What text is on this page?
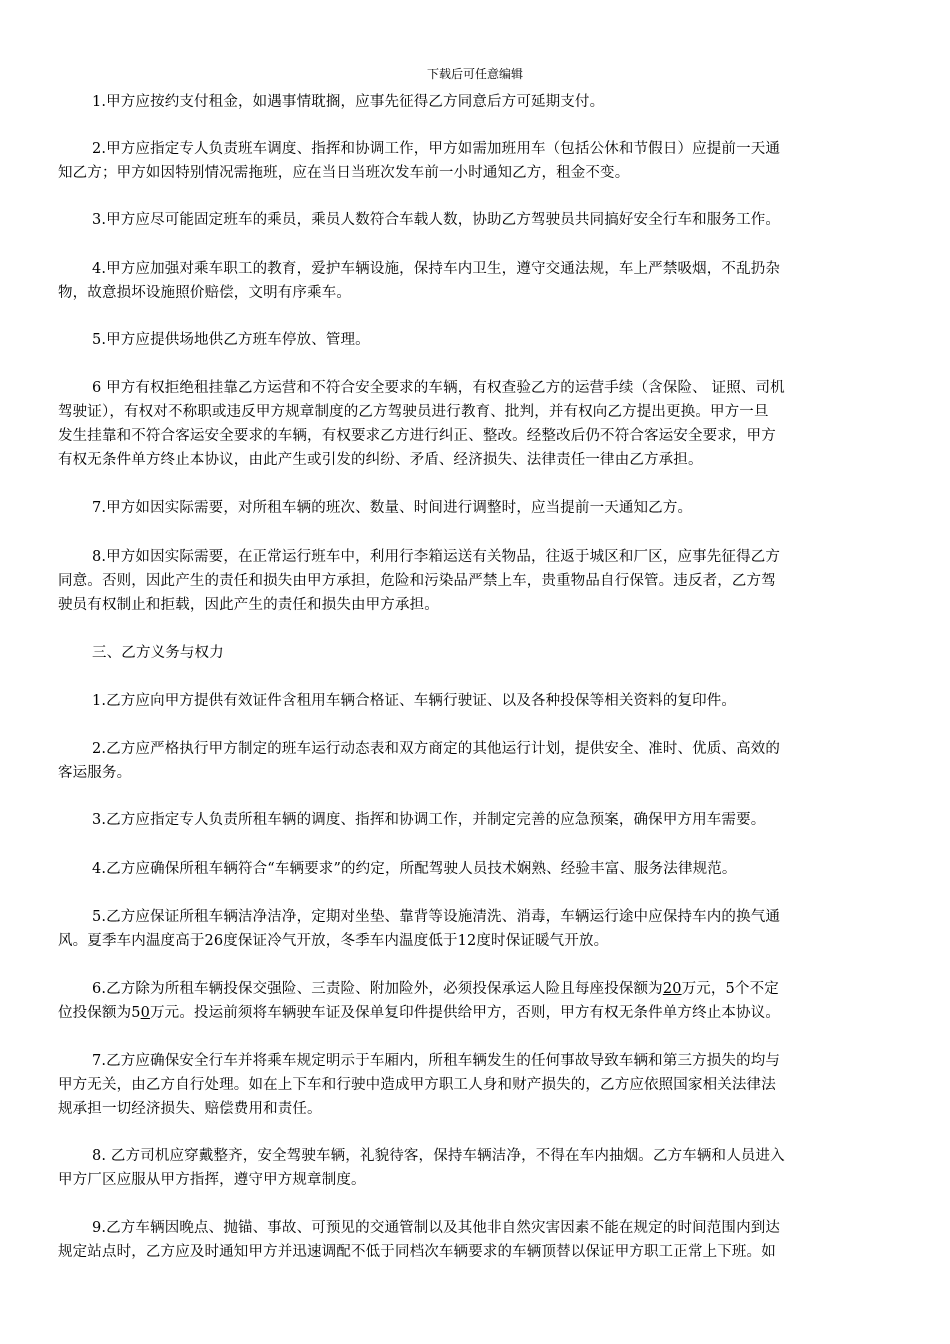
下载后可任意编辑
1.甲方应按约支付租金，如遇事情耽搁，应事先征得乙方同意后方可延期支付。
2.甲方应指定专人负责班车调度、指挥和协调工作，甲方如需加班用车（包括公休和节假日）应提前一天通
知乙方；甲方如因特别情况需拖班，应在当日当班次发车前一小时通知乙方，租金不变。
3.甲方应尽可能固定班车的乘员，乘员人数符合车载人数，协助乙方驾驶员共同搞好安全行车和服务工作。
4.甲方应加强对乘车职工的教育，爱护车辆设施，保持车内卫生，遵守交通法规，车上严禁吸烟，不乱扔杂
物，故意损坏设施照价赔偿，文明有序乘车。
5.甲方应提供场地供乙方班车停放、管理。
6 甲方有权拒绝租挂靠乙方运营和不符合安全要求的车辆，有权查验乙方的运营手续（含保险、 证照、司机
驾驶证），有权对不称职或违反甲方规章制度的乙方驾驶员进行教育、批判，并有权向乙方提出更换。甲方一旦
发生挂靠和不符合客运安全要求的车辆，有权要求乙方进行纠正、整改。经整改后仍不符合客运安全要求，甲方
有权无条件单方终止本协议，由此产生或引发的纠纷、矛盾、经济损失、法律责任一律由乙方承担。
7.甲方如因实际需要，对所租车辆的班次、数量、时间进行调整时，应当提前一天通知乙方。
8.甲方如因实际需要，在正常运行班车中，利用行李箱运送有关物品，往返于城区和厂区，应事先征得乙方
同意。否则，因此产生的责任和损失由甲方承担，危险和污染品严禁上车，贵重物品自行保管。违反者，乙方驾
驶员有权制止和拒载，因此产生的责任和损失由甲方承担。
三、乙方义务与权力
1.乙方应向甲方提供有效证件含租用车辆合格证、车辆行驶证、以及各种投保等相关资料的复印件。
2.乙方应严格执行甲方制定的班车运行动态表和双方商定的其他运行计划，提供安全、准时、优质、高效的
客运服务。
3.乙方应指定专人负责所租车辆的调度、指挥和协调工作，并制定完善的应急预案，确保甲方用车需要。
4.乙方应确保所租车辆符合“车辆要求”的约定，所配驾驶人员技术娴熟、经验丰富、服务法律规范。
5.乙方应保证所租车辆洁净洁净，定期对坐垫、靠背等设施清洗、消毒，车辆运行途中应保持车内的换气通
风。夏季车内温度高于26度保证冷气开放，冬季车内温度低于12度时保证暖气开放。
6.乙方除为所租车辆投保交强险、三责险、附加险外，必须投保承运人险且每座投保额为20万元，5个不定
位投保额为50万元。投运前须将车辆驶车证及保单复印件提供给甲方，否则，甲方有权无条件单方终止本协议。
7.乙方应确保安全行车并将乘车规定明示于车厢内，所租车辆发生的任何事故导致车辆和第三方损失的均与
甲方无关，由乙方自行处理。如在上下车和行驶中造成甲方职工人身和财产损失的，乙方应依照国家相关法律法
规承担一切经济损失、赔偿费用和责任。
8. 乙方司机应穿戴整齐，安全驾驶车辆，礼貌待客，保持车辆洁净，不得在车内抽烟。乙方车辆和人员进入
甲方厂区应服从甲方指挥，遵守甲方规章制度。
9.乙方车辆因晚点、抛锚、事故、可预见的交通管制以及其他非自然灾害因素不能在规定的时间范围内到达
规定站点时，乙方应及时通知甲方并迅速调配不低于同档次车辆要求的车辆顶替以保证甲方职工正常上下班。如
